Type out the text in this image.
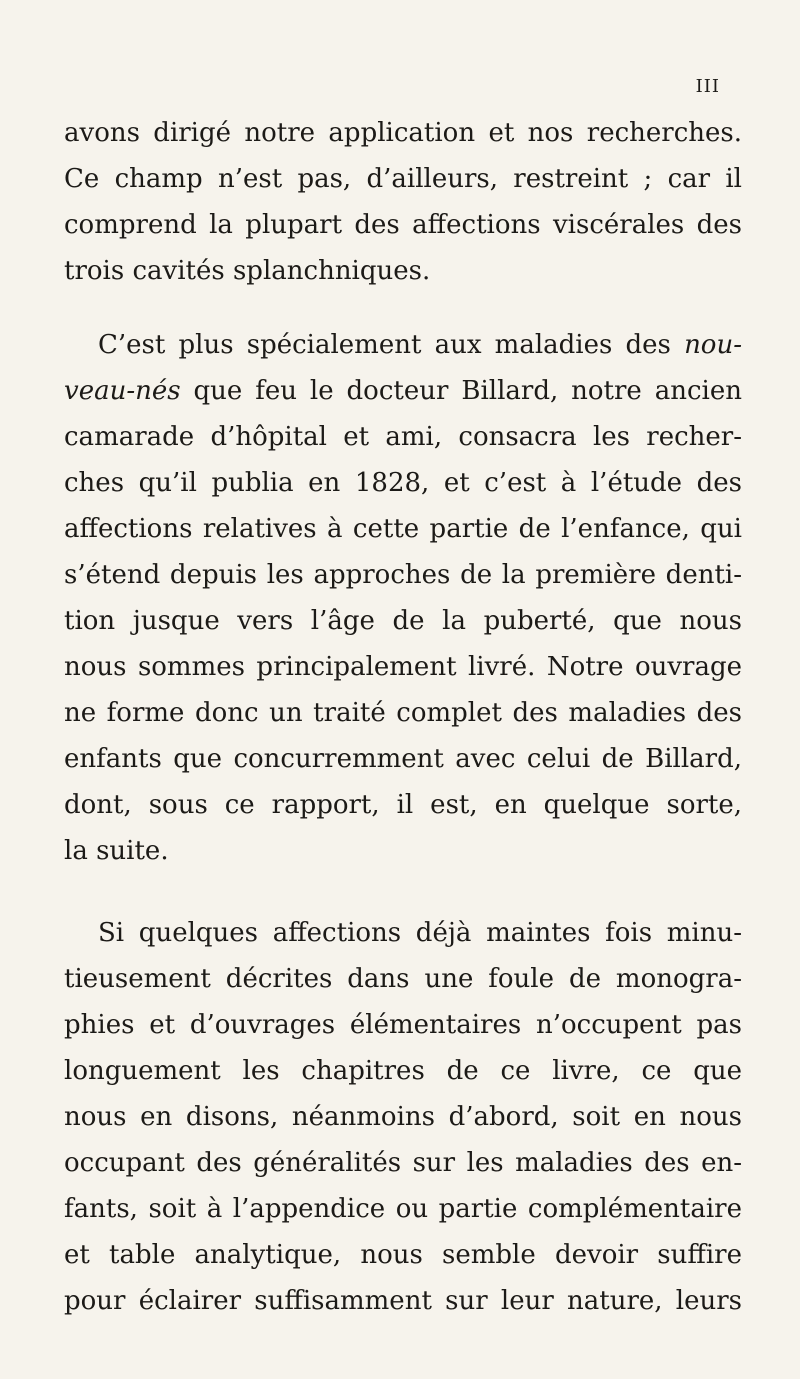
III
avons dirigé notre application et nos recherches.
Ce champ n’est pas, d’ailleurs, restreint ; car il
comprend la plupart des affections viscérales des
trois cavités splanchniques.
C’est plus spécialement aux maladies des nou-
veau-nés que feu le docteur Billard, notre ancien
camarade d’hôpital et ami, consacra les recher-
ches qu’il publia en 1828, et c’est à l’étude des
affections relatives à cette partie de l’enfance, qui
s’étend depuis les approches de la première denti-
tion jusque vers l’âge de la puberté, que nous
nous sommes principalement livré. Notre ouvrage
ne forme donc un traité complet des maladies des
enfants que concurremment avec celui de Billard,
dont, sous ce rapport, il est, en quelque sorte,
la suite.
Si quelques affections déjà maintes fois minu-
tieusement décrites dans une foule de monogra-
phies et d’ouvrages élémentaires n’occupent pas
longuement les chapitres de ce livre, ce que
nous en disons, néanmoins d’abord, soit en nous
occupant des généralités sur les maladies des en-
fants, soit à l’appendice ou partie complémentaire
et table analytique, nous semble devoir suffire
pour éclairer suffisamment sur leur nature, leurs
